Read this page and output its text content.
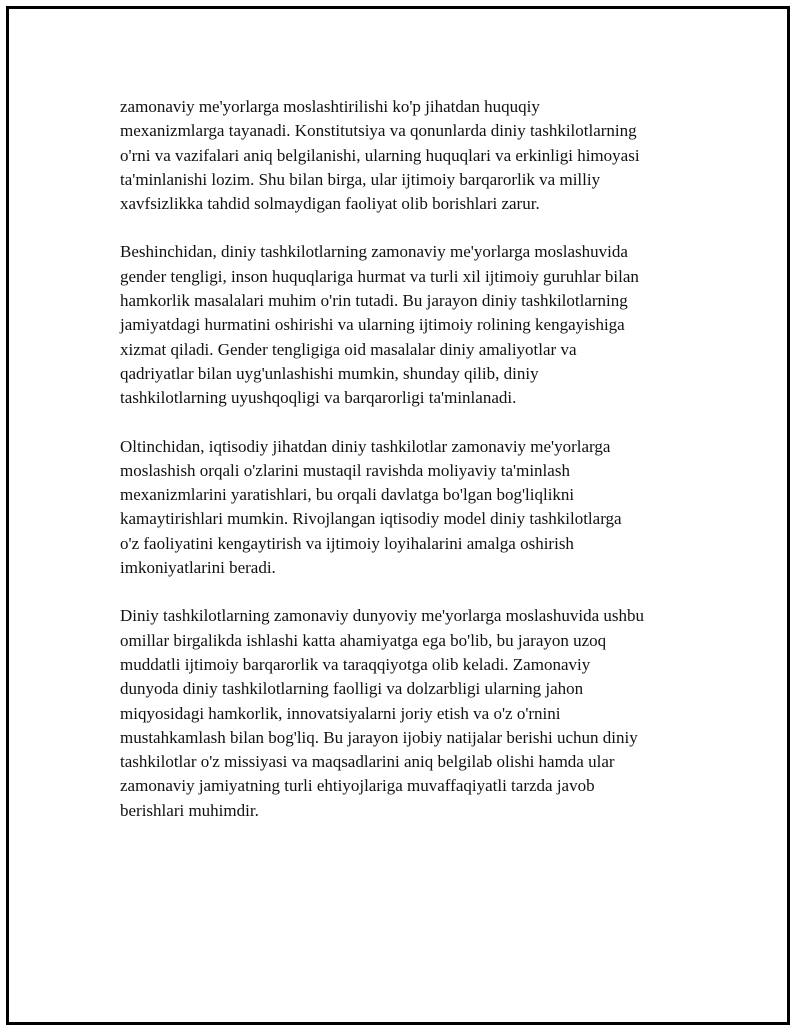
zamonaviy me'yorlarga moslashtirilishi ko'p jihatdan huquqiy
mexanizmlarga tayanadi. Konstitutsiya va qonunlarda diniy tashkilotlarning
o'rni va vazifalari aniq belgilanishi, ularning huquqlari va erkinligi himoyasi
ta'minlanishi lozim. Shu bilan birga, ular ijtimoiy barqarorlik va milliy
xavfsizlikka tahdid solmaydigan faoliyat olib borishlari zarur.

Beshinchidan, diniy tashkilotlarning zamonaviy me'yorlarga moslashuvida
gender tengligi, inson huquqlariga hurmat va turli xil ijtimoiy guruhlar bilan
hamkorlik masalalari muhim o'rin tutadi. Bu jarayon diniy tashkilotlarning
jamiyatdagi hurmatini oshirishi va ularning ijtimoiy rolining kengayishiga
xizmat qiladi. Gender tengligiga oid masalalar diniy amaliyotlar va
qadriyatlar bilan uyg'unlashishi mumkin, shunday qilib, diniy
tashkilotlarning uyushqoqligi va barqarorligi ta'minlanadi.

Oltinchidan, iqtisodiy jihatdan diniy tashkilotlar zamonaviy me'yorlarga
moslashish orqali o'zlarini mustaqil ravishda moliyaviy ta'minlash
mexanizmlarini yaratishlari, bu orqali davlatga bo'lgan bog'liqlikni
kamaytirishlari mumkin. Rivojlangan iqtisodiy model diniy tashkilotlarga
o'z faoliyatini kengaytirish va ijtimoiy loyihalarini amalga oshirish
imkoniyatlarini beradi.

Diniy tashkilotlarning zamonaviy dunyoviy me'yorlarga moslashuvida ushbu
omillar birgalikda ishlashi katta ahamiyatga ega bo'lib, bu jarayon uzoq
muddatli ijtimoiy barqarorlik va taraqqiyotga olib keladi. Zamonaviy
dunyoda diniy tashkilotlarning faolligi va dolzarbligi ularning jahon
miqyosidagi hamkorlik, innovatsiyalarni joriy etish va o'z o'rnini
mustahkamlash bilan bog'liq. Bu jarayon ijobiy natijalar berishi uchun diniy
tashkilotlar o'z missiyasi va maqsadlarini aniq belgilab olishi hamda ular
zamonaviy jamiyatning turli ehtiyojlariga muvaffaqiyatli tarzda javob
berishlari muhimdir.
